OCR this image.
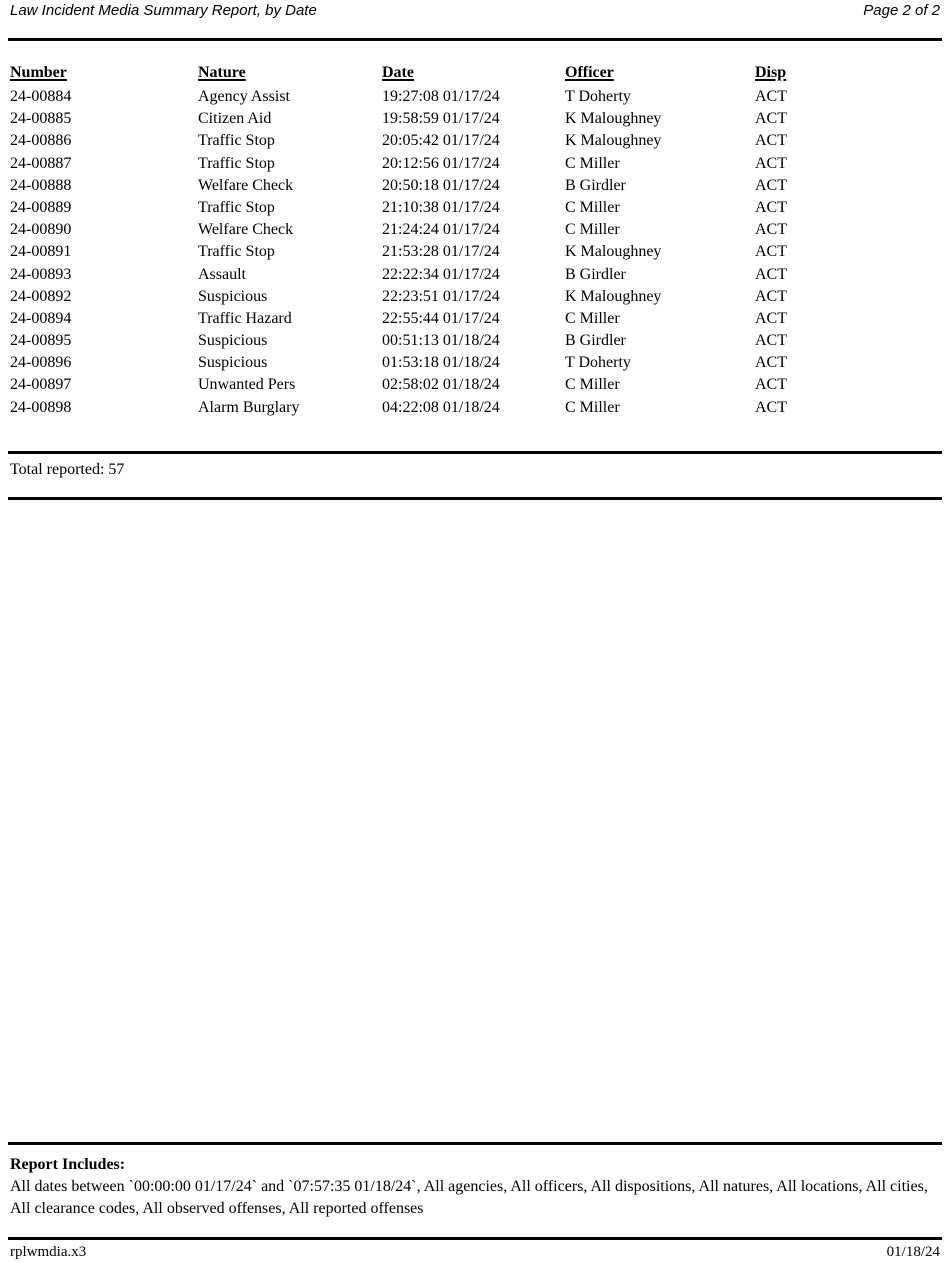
Law Incident Media Summary Report, by Date	Page 2 of 2
Number	Nature	Date	Officer	Disp
24-00884	Agency Assist	19:27:08 01/17/24	T Doherty	ACT
24-00885	Citizen Aid	19:58:59 01/17/24	K Maloughney	ACT
24-00886	Traffic Stop	20:05:42 01/17/24	K Maloughney	ACT
24-00887	Traffic Stop	20:12:56 01/17/24	C Miller	ACT
24-00888	Welfare Check	20:50:18 01/17/24	B Girdler	ACT
24-00889	Traffic Stop	21:10:38 01/17/24	C Miller	ACT
24-00890	Welfare Check	21:24:24 01/17/24	C Miller	ACT
24-00891	Traffic Stop	21:53:28 01/17/24	K Maloughney	ACT
24-00893	Assault	22:22:34 01/17/24	B Girdler	ACT
24-00892	Suspicious	22:23:51 01/17/24	K Maloughney	ACT
24-00894	Traffic Hazard	22:55:44 01/17/24	C Miller	ACT
24-00895	Suspicious	00:51:13 01/18/24	B Girdler	ACT
24-00896	Suspicious	01:53:18 01/18/24	T Doherty	ACT
24-00897	Unwanted Pers	02:58:02 01/18/24	C Miller	ACT
24-00898	Alarm Burglary	04:22:08 01/18/24	C Miller	ACT
Total reported: 57
Report Includes:
All dates between `00:00:00 01/17/24` and `07:57:35 01/18/24`, All agencies, All officers, All dispositions, All natures, All locations, All cities, All clearance codes, All observed offenses, All reported offenses
rplwmdia.x3	01/18/24
